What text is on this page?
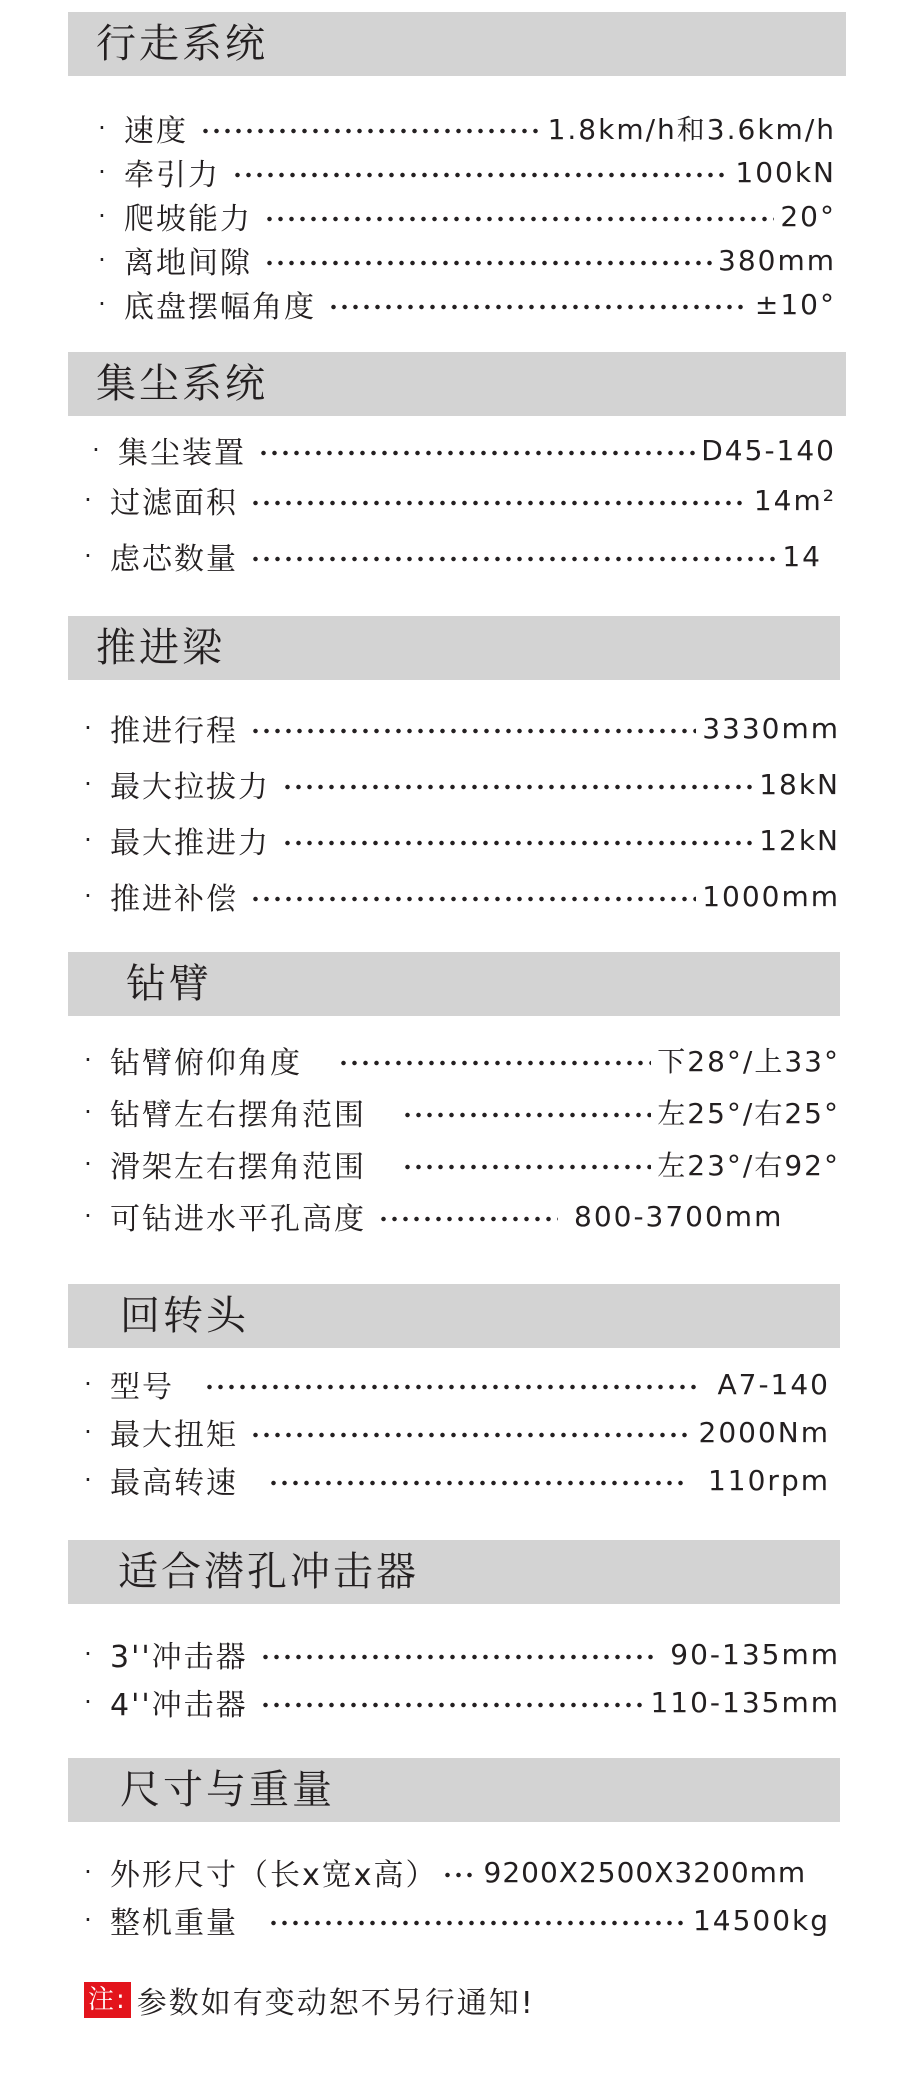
行走系统
· 速度	1.8km/h和3.6km/h
· 牵引力	100kN
· 爬坡能力	20°
· 离地间隙	380mm
· 底盘摆幅角度	±10°
集尘系统
· 集尘装置	D45-140
· 过滤面积	14m²
· 虑芯数量	14
推进梁
· 推进行程	3330mm
· 最大拉拔力	18kN
· 最大推进力	12kN
· 推进补偿	1000mm
钻臂
· 钻臂俯仰角度	下28°/上33°
· 钻臂左右摆角范围	左25°/右25°
· 滑架左右摆角范围	左23°/右92°
· 可钻进水平孔高度	800-3700mm
回转头
· 型号	A7-140
· 最大扭矩	2000Nm
· 最高转速	110rpm
适合潜孔冲击器
· 3''冲击器	90-135mm
· 4''冲击器	110-135mm
尺寸与重量
· 外形尺寸（长x宽x高） 9200X2500X3200mm
· 整机重量	14500kg
注: 参数如有变动恕不另行通知!
